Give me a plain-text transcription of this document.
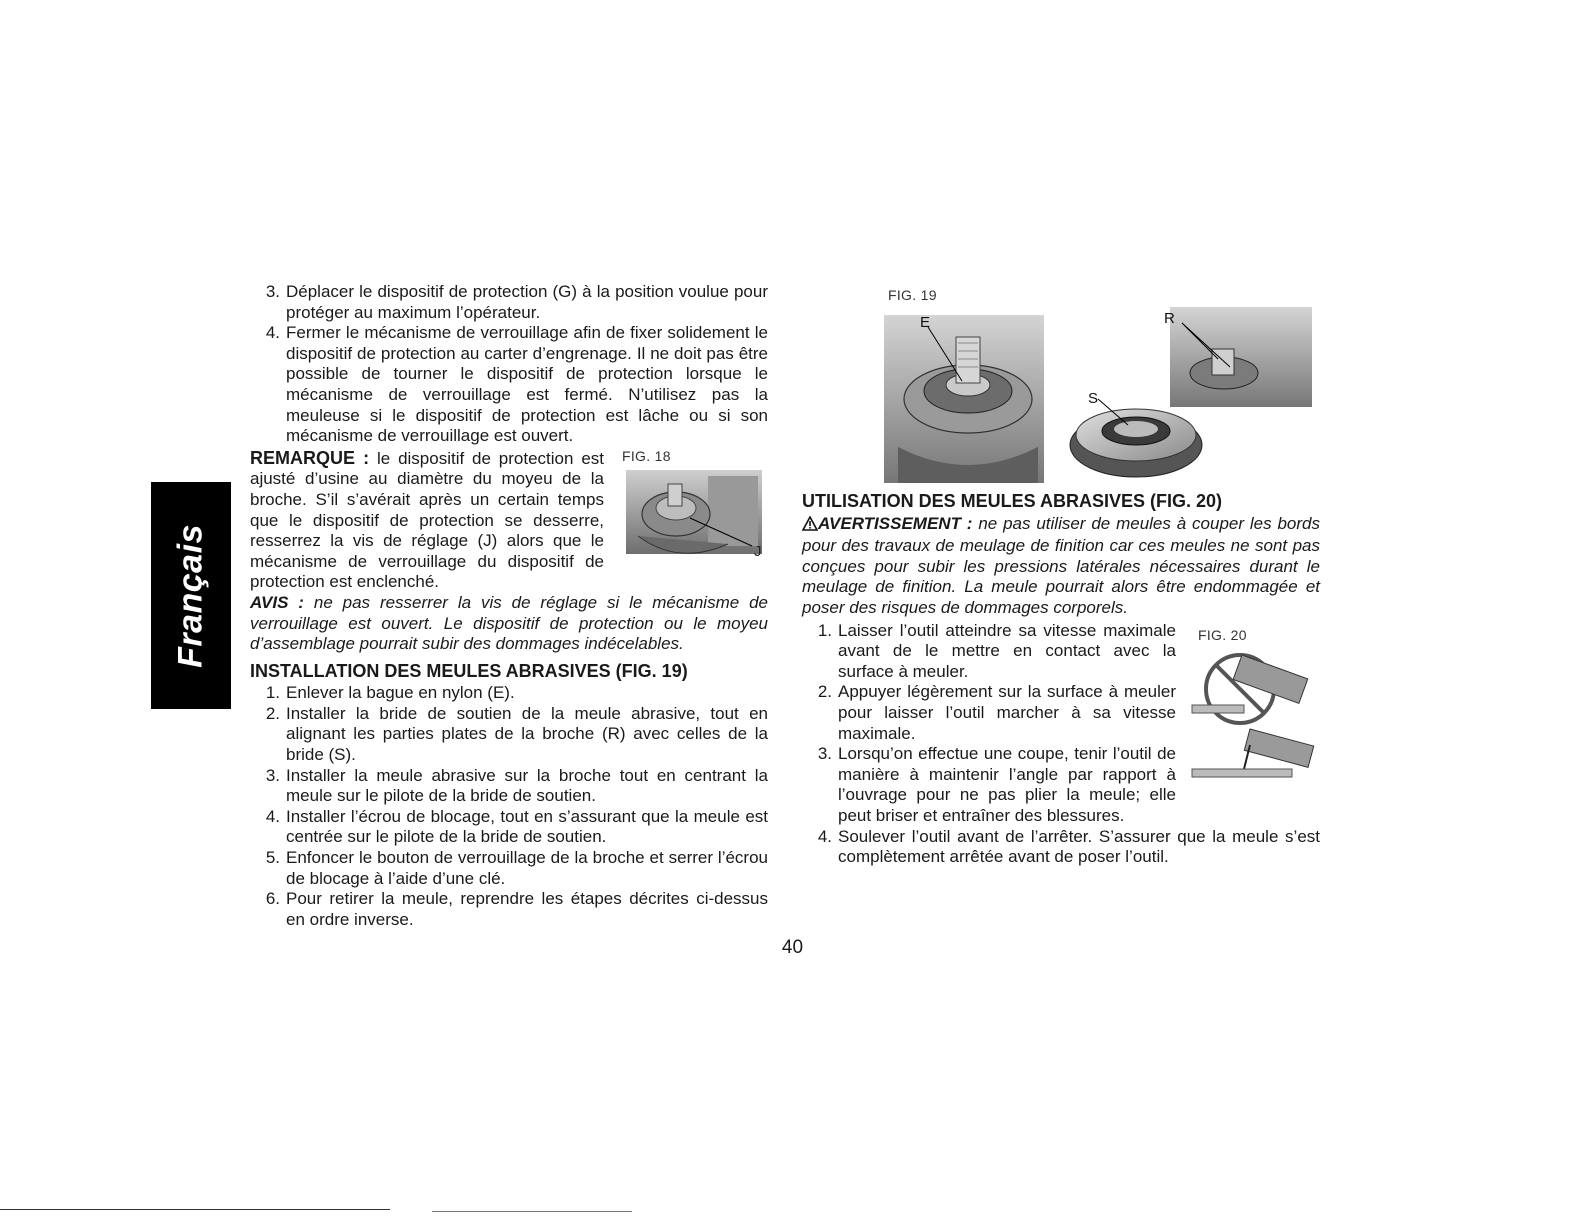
Français
3. Déplacer le dispositif de protection (G) à la position voulue pour protéger au maximum l’opérateur.
4. Fermer le mécanisme de verrouillage afin de fixer solidement le dispositif de protection au carter d’engrenage. Il ne doit pas être possible de tourner le dispositif de protection lorsque le mécanisme de verrouillage est fermé. N’utilisez pas la meuleuse si le dispositif de protection est lâche ou si son mécanisme de verrouillage est ouvert.
FIG. 18
J

REMARQUE : le dispositif de protection est ajusté d’usine au diamètre du moyeu de la broche. S’il s’avérait après un certain temps que le dispositif de protection se desserre, resserrez la vis de réglage (J) alors que le mécanisme de verrouillage du dispositif de protection est enclenché.

AVIS : ne pas resserrer la vis de réglage si le mécanisme de verrouillage est ouvert. Le dispositif de protection ou le moyeu d’assemblage pourrait subir des dommages indécelables.

INSTALLATION DES MEULES ABRASIVES (FIG. 19)
1. Enlever la bague en nylon (E).
2. Installer la bride de soutien de la meule abrasive, tout en alignant les parties plates de la broche (R) avec celles de la bride (S).
3. Installer la meule abrasive sur la broche tout en centrant la meule sur le pilote de la bride de soutien.
4. Installer l’écrou de blocage, tout en s’assurant que la meule est centrée sur le pilote de la bride de soutien.
5. Enfoncer le bouton de verrouillage de la broche et serrer l’écrou de blocage à l’aide d’une clé.
6. Pour retirer la meule, reprendre les étapes décrites ci-dessus en ordre inverse.
FIG. 19
E
S
R
UTILISATION DES MEULES ABRASIVES (FIG. 20)

AVERTISSEMENT : ne pas utiliser de meules à couper les bords pour des travaux de meulage de finition car ces meules ne sont pas conçues pour subir les pressions latérales nécessaires durant le meulage de finition. La meule pourrait alors être endommagée et poser des risques de dommages corporels.

FIG. 20
1. Laisser l’outil atteindre sa vitesse maximale avant de le mettre en contact avec la surface à meuler.
2. Appuyer légèrement sur la surface à meuler pour laisser l’outil marcher à sa vitesse maximale.
3. Lorsqu’on effectue une coupe, tenir l’outil de manière à maintenir l’angle par rapport à l’ouvrage pour ne pas plier la meule; elle peut briser et entraîner des blessures.
4. Soulever l’outil avant de l’arrêter. S’assurer que la meule s’est complètement arrêtée avant de poser l’outil.
40
